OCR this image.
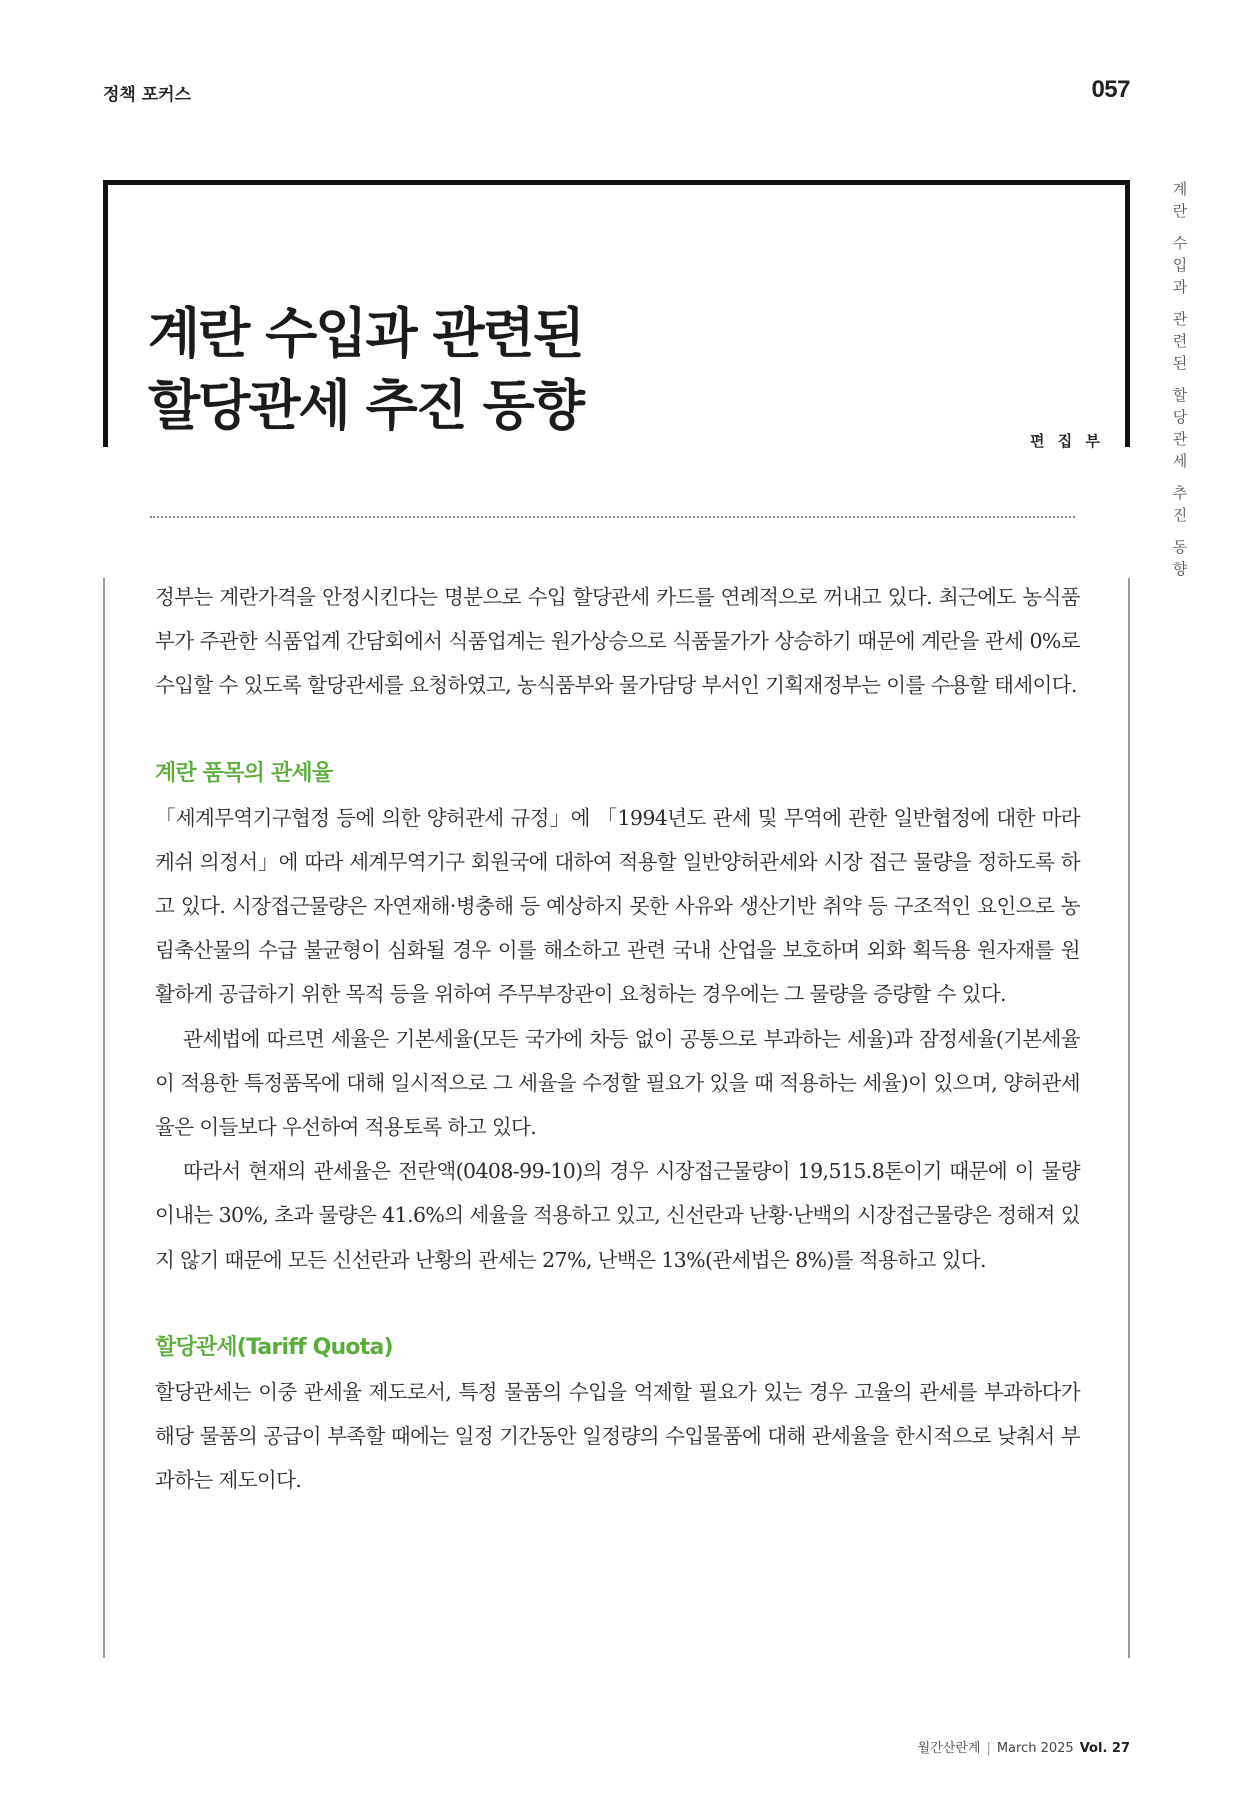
정책 포커스	057
계란 수입과 관련된
할당관세 추진 동향
편 집 부
계
란
수
입
과
관
련
된
할
당
관
세
추
진
동
향

정부는 계란가격을 안정시킨다는 명분으로 수입 할당관세 카드를 연례적으로 꺼내고 있다. 최근에도 농식품부가 주관한 식품업계 간담회에서 식품업계는 원가상승으로 식품물가가 상승하기 때문에 계란을 관세 0%로 수입할 수 있도록 할당관세를 요청하였고, 농식품부와 물가담당 부서인 기획재정부는 이를 수용할 태세이다.

계란 품목의 관세율

「세계무역기구협정 등에 의한 양허관세 규정」에 「1994년도 관세 및 무역에 관한 일반협정에 대한 마라케쉬 의정서」에 따라 세계무역기구 회원국에 대하여 적용할 일반양허관세와 시장 접근 물량을 정하도록 하고 있다. 시장접근물량은 자연재해·병충해 등 예상하지 못한 사유와 생산기반 취약 등 구조적인 요인으로 농림축산물의 수급 불균형이 심화될 경우 이를 해소하고 관련 국내 산업을 보호하며 외화 획득용 원자재를 원활하게 공급하기 위한 목적 등을 위하여 주무부장관이 요청하는 경우에는 그 물량을 증량할 수 있다.

관세법에 따르면 세율은 기본세율(모든 국가에 차등 없이 공통으로 부과하는 세율)과 잠정세율(기본세율이 적용한 특정품목에 대해 일시적으로 그 세율을 수정할 필요가 있을 때 적용하는 세율)이 있으며, 양허관세율은 이들보다 우선하여 적용토록 하고 있다.

따라서 현재의 관세율은 전란액(0408-99-10)의 경우 시장접근물량이 19,515.8톤이기 때문에 이 물량 이내는 30%, 초과 물량은 41.6%의 세율을 적용하고 있고, 신선란과 난황·난백의 시장접근물량은 정해져 있지 않기 때문에 모든 신선란과 난황의 관세는 27%, 난백은 13%(관세법은 8%)를 적용하고 있다.

할당관세(Tariff Quota)

할당관세는 이중 관세율 제도로서, 특정 물품의 수입을 억제할 필요가 있는 경우 고율의 관세를 부과하다가 해당 물품의 공급이 부족할 때에는 일정 기간동안 일정량의 수입물품에 대해 관세율을 한시적으로 낮춰서 부과하는 제도이다.

월간산란계 | March 2025 Vol. 27
